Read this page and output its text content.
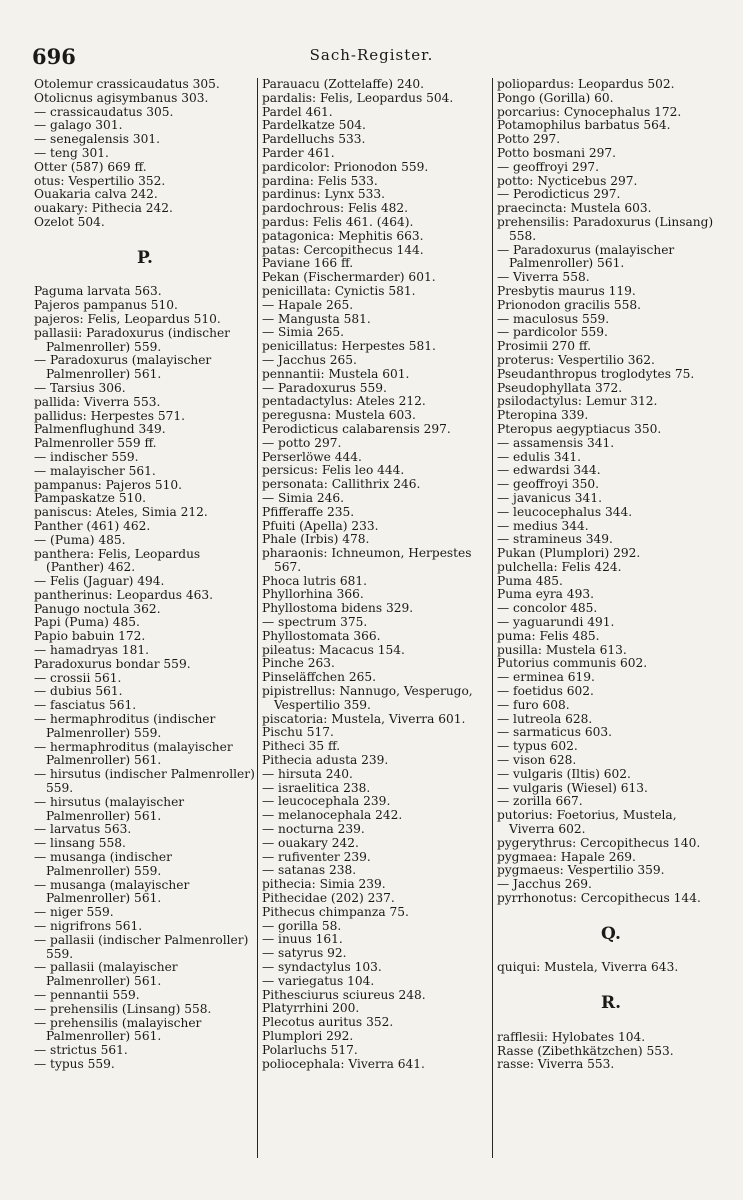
696	Sach-Register.
Otolemur crassicaudatus 305.
Otolicnus agisymbanus 303.
— crassicaudatus 305.
— galago 301.
— senegalensis 301.
— teng 301.
Otter (587) 669 ff.
otus: Vespertilio 352.
Ouakaria calva 242.
ouakary: Pithecia 242.
Ozelot 504.
P.
Paguma larvata 563.
Pajeros pampanus 510.
pajeros: Felis, Leopardus 510.
pallasii: Paradoxurus (indischer Palmenroller) 559.
— Paradoxurus (malayischer Palmenroller) 561.
— Tarsius 306.
pallida: Viverra 553.
pallidus: Herpestes 571.
Palmenflughund 349.
Palmenroller 559 ff.
— indischer 559.
— malayischer 561.
pampanus: Pajeros 510.
Pampaskatze 510.
paniscus: Ateles, Simia 212.
Panther (461) 462.
— (Puma) 485.
panthera: Felis, Leopardus (Panther) 462.
— Felis (Jaguar) 494.
pantherinus: Leopardus 463.
Panugo noctula 362.
Papi (Puma) 485.
Papio babuin 172.
— hamadryas 181.
Paradoxurus bondar 559.
— crossii 561.
— dubius 561.
— fasciatus 561.
— hermaphroditus (indischer Palmenroller) 559.
— hermaphroditus (malayischer Palmenroller) 561.
— hirsutus (indischer Palmenroller) 559.
— hirsutus (malayischer Palmenroller) 561.
— larvatus 563.
— linsang 558.
— musanga (indischer Palmenroller) 559.
— musanga (malayischer Palmenroller) 561.
— niger 559.
— nigrifrons 561.
— pallasii (indischer Palmenroller) 559.
— pallasii (malayischer Palmenroller) 561.
— pennantii 559.
— prehensilis (Linsang) 558.
— prehensilis (malayischer Palmenroller) 561.
— strictus 561.
— typus 559.
Parauacu (Zottelaffe) 240.
pardalis: Felis, Leopardus 504.
Pardel 461.
Pardelkatze 504.
Pardelluchs 533.
Parder 461.
pardicolor: Prionodon 559.
pardina: Felis 533.
pardinus: Lynx 533.
pardochrous: Felis 482.
pardus: Felis 461. (464).
patagonica: Mephitis 663.
patas: Cercopithecus 144.
Paviane 166 ff.
Pekan (Fischermarder) 601.
penicillata: Cynictis 581.
— Hapale 265.
— Mangusta 581.
— Simia 265.
penicillatus: Herpestes 581.
— Jacchus 265.
pennantii: Mustela 601.
— Paradoxurus 559.
pentadactylus: Ateles 212.
peregusna: Mustela 603.
Perodicticus calabarensis 297.
— potto 297.
Perserlöwe 444.
persicus: Felis leo 444.
personata: Callithrix 246.
— Simia 246.
Pfifferaffe 235.
Pfuiti (Apella) 233.
Phale (Irbis) 478.
pharaonis: Ichneumon, Herpestes 567.
Phoca lutris 681.
Phyllorhina 366.
Phyllostoma bidens 329.
— spectrum 375.
Phyllostomata 366.
pileatus: Macacus 154.
Pinche 263.
Pinseläffchen 265.
pipistrellus: Nannugo, Vesperugo, Vespertilio 359.
piscatoria: Mustela, Viverra 601.
Pischu 517.
Pitheci 35 ff.
Pithecia adusta 239.
— hirsuta 240.
— israelitica 238.
— leucocephala 239.
— melanocephala 242.
— nocturna 239.
— ouakary 242.
— rufiventer 239.
— satanas 238.
pithecia: Simia 239.
Pithecidae (202) 237.
Pithecus chimpanza 75.
— gorilla 58.
— inuus 161.
— satyrus 92.
— syndactylus 103.
— variegatus 104.
Pithesciurus sciureus 248.
Platyrrhini 200.
Plecotus auritus 352.
Plumplori 292.
Polarluchs 517.
poliocephala: Viverra 641.
poliopardus: Leopardus 502.
Pongo (Gorilla) 60.
porcarius: Cynocephalus 172.
Potamophilus barbatus 564.
Potto 297.
Potto bosmani 297.
— geoffroyi 297.
potto: Nycticebus 297.
— Perodicticus 297.
praecincta: Mustela 603.
prehensilis: Paradoxurus (Linsang) 558.
— Paradoxurus (malayischer Palmenroller) 561.
— Viverra 558.
Presbytis maurus 119.
Prionodon gracilis 558.
— maculosus 559.
— pardicolor 559.
Prosimii 270 ff.
proterus: Vespertilio 362.
Pseudanthropus troglodytes 75.
Pseudophyllata 372.
psilodactylus: Lemur 312.
Pteropina 339.
Pteropus aegyptiacus 350.
— assamensis 341.
— edulis 341.
— edwardsi 344.
— geoffroyi 350.
— javanicus 341.
— leucocephalus 344.
— medius 344.
— stramineus 349.
Pukan (Plumplori) 292.
pulchella: Felis 424.
Puma 485.
Puma eyra 493.
— concolor 485.
— yaguarundi 491.
puma: Felis 485.
pusilla: Mustela 613.
Putorius communis 602.
— erminea 619.
— foetidus 602.
— furo 608.
— lutreola 628.
— sarmaticus 603.
— typus 602.
— vison 628.
— vulgaris (Iltis) 602.
— vulgaris (Wiesel) 613.
— zorilla 667.
putorius: Foetorius, Mustela, Viverra 602.
pygerythrus: Cercopithecus 140.
pygmaea: Hapale 269.
pygmaeus: Vespertilio 359.
— Jacchus 269.
pyrrhonotus: Cercopithecus 144.
Q.
quiqui: Mustela, Viverra 643.
R.
rafflesii: Hylobates 104.
Rasse (Zibethkätzchen) 553.
rasse: Viverra 553.
